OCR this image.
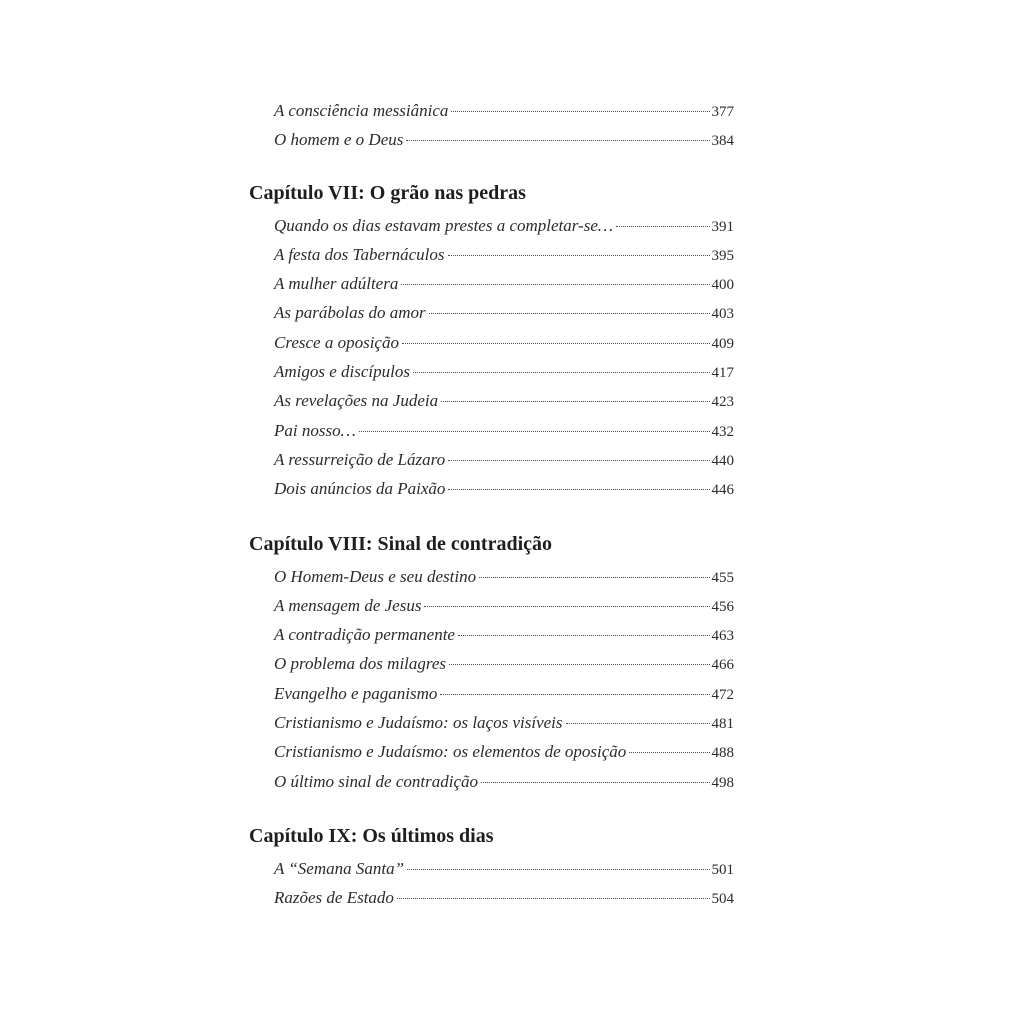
A consciência messiânica	377
O homem e o Deus	384
Capítulo VII: O grão nas pedras
Quando os dias estavam prestes a completar-se…	391
A festa dos Tabernáculos	395
A mulher adúltera	400
As parábolas do amor	403
Cresce a oposição	409
Amigos e discípulos	417
As revelações na Judeia	423
Pai nosso…	432
A ressurreição de Lázaro	440
Dois anúncios da Paixão	446
Capítulo VIII: Sinal de contradição
O Homem-Deus e seu destino	455
A mensagem de Jesus	456
A contradição permanente	463
O problema dos milagres	466
Evangelho e paganismo	472
Cristianismo e Judaísmo: os laços visíveis	481
Cristianismo e Judaísmo: os elementos de oposição	488
O último sinal de contradição	498
Capítulo IX: Os últimos dias
A “Semana Santa”	501
Razões de Estado	504
